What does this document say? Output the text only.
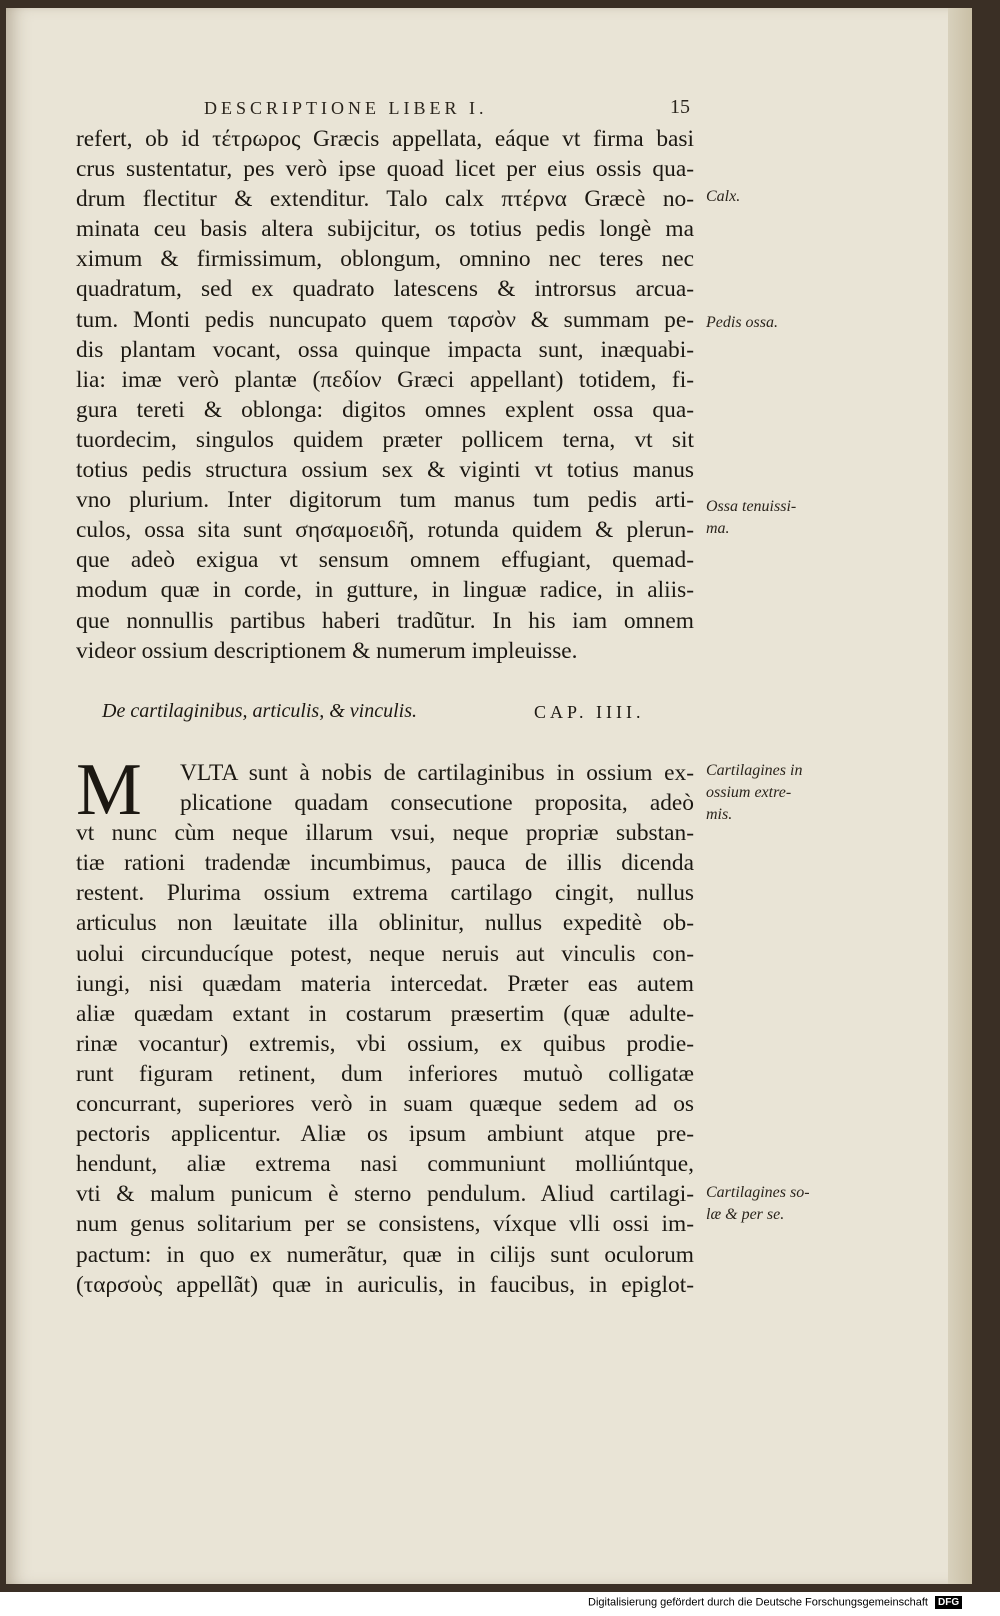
DESCRIPTIONE LIBER I.	15
refert, ob id τέτρωρος Græcis appellata, eáque vt firma basi
crus sustentatur, pes verò ipse quoad licet per eius ossis qua-
drum flectitur & extenditur. Talo calx πτέρνα Græcè no-
minata ceu basis altera subijcitur, os totius pedis longè ma
ximum & firmissimum, oblongum, omnino nec teres nec
quadratum, sed ex quadrato latescens & introrsus arcua-
tum. Monti pedis nuncupato quem ταρσὸν & summam pe-
dis plantam vocant, ossa quinque impacta sunt, inæquabi-
lia: imæ verò plantæ (πεδίον Græci appellant) totidem, fi-
gura tereti & oblonga: digitos omnes explent ossa qua-
tuordecim, singulos quidem præter pollicem terna, vt sit
totius pedis structura ossium sex & viginti vt totius manus
vno plurium. Inter digitorum tum manus tum pedis arti-
culos, ossa sita sunt σησαμοειδῆ, rotunda quidem & plerun-
que adeò exigua vt sensum omnem effugiant, quemad-
modum quæ in corde, in gutture, in linguæ radice, in aliis-
que nonnullis partibus haberi tradũtur. In his iam omnem
videor ossium descriptionem & numerum impleuisse.
De cartilaginibus, articulis, & vinculis.	CAP. IIII.
M	VLTA sunt à nobis de cartilaginibus in ossium ex-
plicatione quadam consecutione proposita, adeò
vt nunc cùm neque illarum vsui, neque propriæ substan-
tiæ rationi tradendæ incumbimus, pauca de illis dicenda
restent. Plurima ossium extrema cartilago cingit, nullus
articulus non læuitate illa oblinitur, nullus expeditè ob-
uolui circunducíque potest, neque neruis aut vinculis con-
iungi, nisi quædam materia intercedat. Præter eas autem
aliæ quædam extant in costarum præsertim (quæ adulte-
rinæ vocantur) extremis, vbi ossium, ex quibus prodie-
runt figuram retinent, dum inferiores mutuò colligatæ
concurrant, superiores verò in suam quæque sedem ad os
pectoris applicentur. Aliæ os ipsum ambiunt atque pre-
hendunt, aliæ extrema nasi communiunt molliúntque,
vti & malum punicum è sterno pendulum. Aliud cartilagi-
num genus solitarium per se consistens, víxque vlli ossi im-
pactum: in quo ex numerãtur, quæ in cilijs sunt oculorum
(ταρσοὺς appellãt) quæ in auriculis, in faucibus, in epiglot-
Calx.
Pedis ossa.
Ossa tenuissi-
ma.
Cartilagines in
ossium extre-
mis.
Cartilagines so-
læ & per se.
Digitalisierung gefördert durch die Deutsche Forschungsgemeinschaft DFG
